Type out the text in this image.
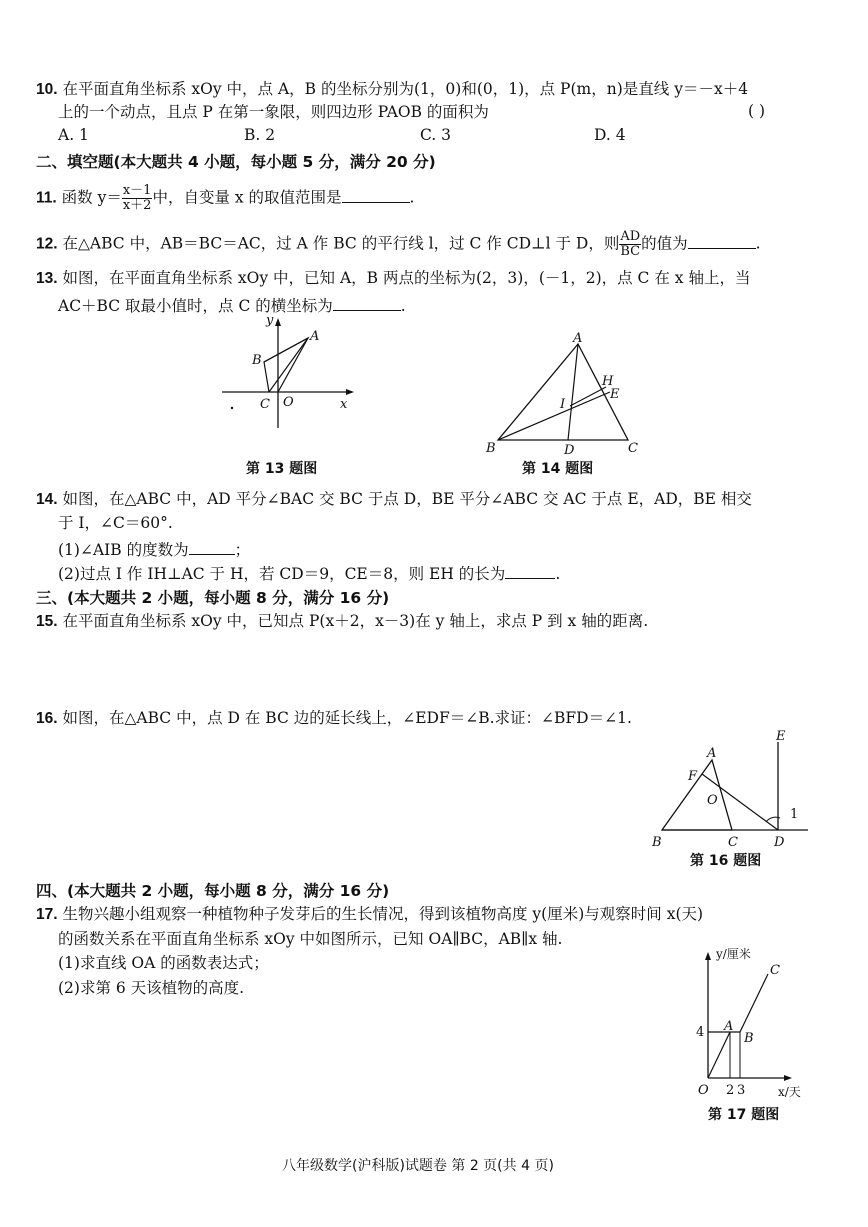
10. 在平面直角坐标系 xOy 中，点 A，B 的坐标分别为(1，0)和(0，1)，点 P(m，n)是直线 y＝－x＋4
上的一个动点，且点 P 在第一象限，则四边形 PAOB 的面积为	( )
A. 1	B. 2	C. 3	D. 4
二、填空题(本大题共 4 小题，每小题 5 分，满分 20 分)
11. 函数 $y= \frac{x-1}{x+2}$ 中，自变量 x 的取值范围是	.
12. 在△ABC 中，AB＝BC＝AC，过 A 作 BC 的平行线 l，过 C 作 CD⊥l 于 D，则 $\frac{AD}{BC}$ 的值为	.
13. 如图，在平面直角坐标系 xOy 中，已知 A，B 两点的坐标为(2，3)，(－1，2)，点 C 在 x 轴上，当
AC＋BC 取最小值时，点 C 的横坐标为	.
y
x
A
B
C O
第 13 题图
A
B	C
D
E
H
I
第 14 题图
14. 如图，在△ABC 中，AD 平分∠BAC 交 BC 于点 D，BE 平分∠ABC 交 AC 于点 E，AD，BE 相交
于 I，∠C＝60°.
(1)∠AIB 的度数为	；
(2)过点 I 作 IH⊥AC 于 H，若 CD＝9，CE＝8，则 EH 的长为	.
三、(本大题共 2 小题，每小题 8 分，满分 16 分)
15. 在平面直角坐标系 xOy 中，已知点 P(x＋2，x－3)在 y 轴上，求点 P 到 x 轴的距离.
16. 如图，在△ABC 中，点 D 在 BC 边的延长线上，∠EDF＝∠B.求证：∠BFD＝∠1.
A
B	C	D
E
F
O
1
第 16 题图
四、(本大题共 2 小题，每小题 8 分，满分 16 分)
17. 生物兴趣小组观察一种植物种子发芽后的生长情况，得到该植物高度 y(厘米)与观察时间 x(天)
的函数关系在平面直角坐标系 xOy 中如图所示，已知 OA∥BC，AB∥x 轴.
(1)求直线 OA 的函数表达式；
(2)求第 6 天该植物的高度.
y/厘米
x/天
C
A
B
4
O 2 3
第 17 题图
八年级数学(沪科版)试题卷 第 2 页(共 4 页)
